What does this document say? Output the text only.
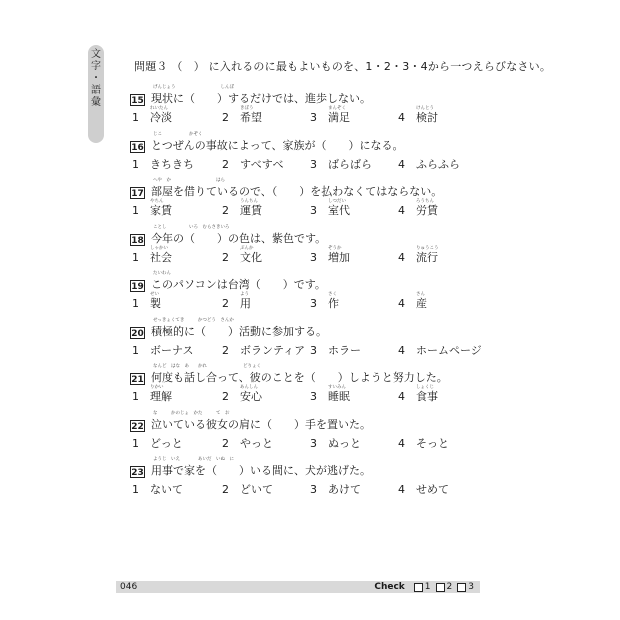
文
字
・
語
彙
問題３ （　） に入れるのに最もよいものを、1・2・3・4から一つえらびなさい。
15
げんじょう　　　　　　　　　　しんぽ
現状に（　　）するだけでは、進歩しない。
1
れいたん
冷淡	2
きぼう
希望	3
まんぞく
満足	4
けんとう
検討
16
じこ　　　　　　かぞく
とつぜんの事故によって、家族が（　　）になる。
1 きちきち	2 すべすべ 3 ばらばら 4 ふらふら
17
へや　か　　　　　　　　　　はら
部屋を借りているので、（　　）を払わなくてはならない。
1
やちん
家賃	2
うんちん
運賃	3
しつだい
室代	4
ろうちん
労賃
18
ことし　　　　　いろ　むらさきいろ
今年の（　　）の色は、紫色です。
1
しゃかい
社会	2
ぶんか
文化	3
ぞうか
増加	4
りゅうこう
流行
19
たいわん
このパソコンは台湾（　　）です。
1
せい
製	2
よう
用	3
さく
作	4
さん
産
20
せっきょくてき　　　かつどう　さんか
積極的に（　　）活動に参加する。
1 ボーナス	2 ボランティア 3 ホラー	4 ホームページ
21
なんど　はな　あ　　かれ　　　　　　　　どりょく
何度も話し合って、彼のことを（　　）しようと努力した。
1
りかい
理解	2
あんしん
安心	3
すいみん
睡眠	4
しょくじ
食事
22
な　　　かのじょ　かた　　　て　お
泣いている彼女の肩に（　　）手を置いた。
1 どっと	2 やっと	3 ぬっと	4 そっと
23
ようじ　いえ　　　　あいだ　いぬ　に
用事で家を（　　）いる間に、犬が逃げた。
1 ないて	2 どいて	3 あけて	4 せめて
046	Check 1 2 3
